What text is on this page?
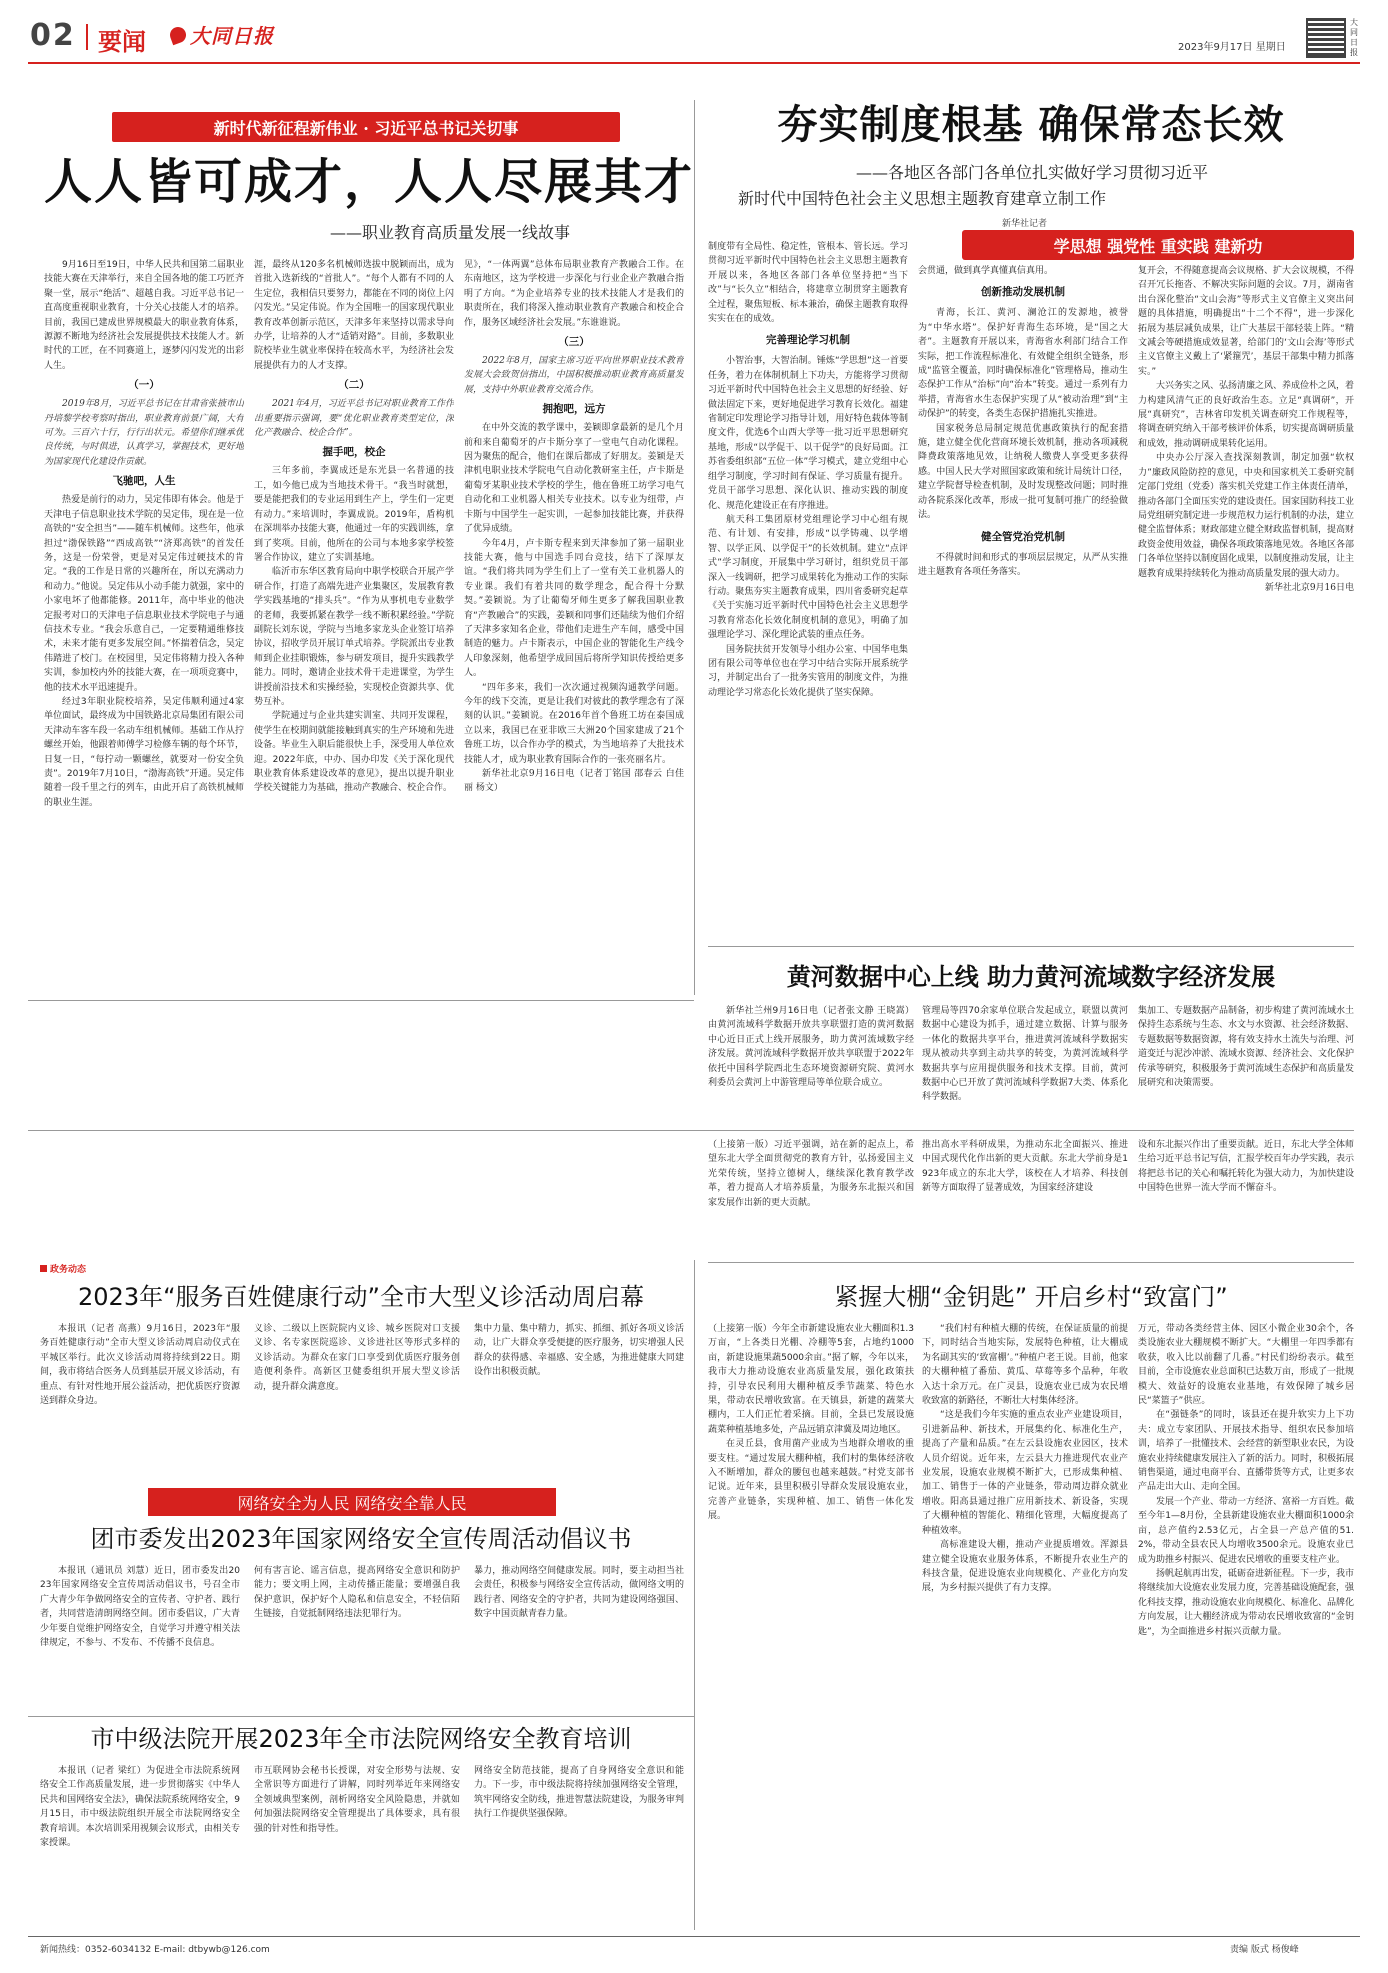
02 要闻 大同日报	2023年9月17日 星期日
大同日报
新时代新征程新伟业 · 习近平总书记关切事
人人皆可成才，人人尽展其才
——职业教育高质量发展一线故事

9月16日至19日，中华人民共和国第二届职业技能大赛在天津举行，来自全国各地的能工巧匠齐聚一堂，展示“绝活”、超越自我。习近平总书记一直高度重视职业教育，十分关心技能人才的培养。目前，我国已建成世界规模最大的职业教育体系，源源不断地为经济社会发展提供技术技能人才。新时代的工匠，在不同赛道上，逐梦闪闪发光的出彩人生。

（一）
2019年8月，习近平总书记在甘肃省张掖市山丹培黎学校考察时指出，职业教育前景广阔，大有可为。三百六十行，行行出状元。希望你们继承优良传统，与时俱进，认真学习，掌握技术，更好地为国家现代化建设作贡献。
飞驰吧，人生

热爱是前行的动力，吴定伟即有体会。他是于天津电子信息职业技术学院的吴定伟，现在是一位高铁的“安全担当”——随车机械师。这些年，他承担过“渤保铁路”“西成高铁”“济郑高铁”的首发任务，这是一份荣誉，更是对吴定伟过硬技术的肯定。“我的工作是日常的兴趣所在，所以充满动力和动力。”他说。吴定伟从小动手能力就强，家中的小家电坏了他都能修。2011年，高中毕业的他决定报考对口的天津电子信息职业技术学院电子与通信技术专业。“我会乐意自己，一定要精通维修技术，未来才能有更多发展空间。”怀揣着信念，吴定伟踏进了校门。在校园里，吴定伟将精力投入各种实训，参加校内外的技能大赛，在一项项竞赛中，他的技术水平迅速提升。

经过3年职业院校培养，吴定伟顺利通过4家单位面试，最终成为中国铁路北京局集团有限公司天津动车客车段一名动车组机械师。基础工作从拧螺丝开始，他跟着师傅学习检修车辆的每个环节，日复一日，“每拧动一颗螺丝，就要对一份安全负责”。2019年7月10日，“渤海高铁”开通。吴定伟随着一段千里之行的列车，由此开启了高铁机械师的职业生涯。

涯，最终从120多名机械师选拔中脱颖而出，成为首批入选新线的“首批人”。“每个人都有不同的人生定位，我相信只要努力，都能在不同的岗位上闪闪发光。”吴定伟说。作为全国唯一的国家现代职业教育改革创新示范区，天津多年来坚持以需求导向办学，让培养的人才“适销对路”。目前，多数职业院校毕业生就业率保持在较高水平，为经济社会发展提供有力的人才支撑。

（二）
2021年4月，习近平总书记对职业教育工作作出重要指示强调，要“优化职业教育类型定位，深化产教融合、校企合作”。
握手吧，校企

三年多前，李翼成还是东光县一名普通的技工，如今他已成为当地技术骨干。“我当时就想，要是能把我们的专业运用到生产上，学生们一定更有动力。”来培训时，李翼成说。2019年，盾构机在深圳举办技能大赛，他通过一年的实践训练，拿到了奖项。目前，他所在的公司与本地多家学校签署合作协议，建立了实训基地。

临沂市东华区教育局向中职学校联合开展产学研合作，打造了高端先进产业集聚区，发展教育教学实践基地的“排头兵”。“作为从事机电专业数学的老师，我要抓紧在教学一线不断积累经验。”学院副院长刘东说，学院与当地多家龙头企业签订培养协议，招收学员开展订单式培养。学院派出专业教师到企业挂职锻炼，参与研发项目，提升实践教学能力。同时，邀请企业技术骨干走进课堂，为学生讲授前沿技术和实操经验，实现校企资源共享、优势互补。

学院通过与企业共建实训室、共同开发课程，使学生在校期间就能接触到真实的生产环境和先进设备。毕业生入职后能很快上手，深受用人单位欢迎。2022年底，中办、国办印发《关于深化现代职业教育体系建设改革的意见》，提出以提升职业学校关键能力为基础，推动产教融合、校企合作。

见》，“一体两翼”总体布局职业教育产教融合工作。在东南地区，这为学校进一步深化与行业企业产教融合指明了方向。“为企业培养专业的技术技能人才是我们的职责所在，我们将深入推动职业教育产教融合和校企合作，服务区域经济社会发展。”东谁谁说。

（三）
2022年8月，国家主席习近平向世界职业技术教育发展大会致贺信指出，中国积极推动职业教育高质量发展，支持中外职业教育交流合作。
拥抱吧，远方

在中外交流的教学课中，姜颖即拿最新的是几个月前和来自葡萄牙的卢卡斯分享了一堂电气自动化课程。因为聚焦的配合，他们在课后都成了好朋友。姜颖是天津机电职业技术学院电气自动化教研室主任，卢卡斯是葡萄牙某职业技术学校的学生，他在鲁班工坊学习电气自动化和工业机器人相关专业技术。以专业为纽带，卢卡斯与中国学生一起实训，一起参加技能比赛，并获得了优异成绩。

今年4月，卢卡斯专程来到天津参加了第一届职业技能大赛，他与中国选手同台竞技，结下了深厚友谊。“我们将共同为学生们上了一堂有关工业机器人的专业课。我们有着共同的数学理念，配合得十分默契。”姜颖说。为了让葡萄牙师生更多了解我国职业教育“产教融合”的实践，姜颖和同事们还陆续为他们介绍了天津多家知名企业，带他们走进生产车间，感受中国制造的魅力。卢卡斯表示，中国企业的智能化生产线令人印象深刻，他希望学成回国后将所学知识传授给更多人。

“四年多来，我们一次次通过视频沟通教学问题。今年的线下交流，更是让我们对彼此的教学理念有了深刻的认识。”姜颖说。在2016年首个鲁班工坊在泰国成立以来，我国已在亚非欧三大洲20个国家建成了21个鲁班工坊，以合作办学的模式，为当地培养了大批技术技能人才，成为职业教育国际合作的一张亮丽名片。

新华社北京9月16日电（记者丁铭国 邵春云 白佳丽 杨文）

夯实制度根基 确保常态长效
——各地区各部门各单位扎实做好学习贯彻习近平
新时代中国特色社会主义思想主题教育建章立制工作
新华社记者
学思想 强党性 重实践 建新功

制度带有全局性、稳定性，管根本、管长远。学习贯彻习近平新时代中国特色社会主义思想主题教育开展以来，各地区各部门各单位坚持把“当下改”与“长久立”相结合，将建章立制贯穿主题教育全过程，聚焦短板、标本兼治，确保主题教育取得实实在在的成效。

完善理论学习机制

小智治事，大智治制。锤炼“学思想”这一首要任务，着力在体制机制上下功夫，方能将学习贯彻习近平新时代中国特色社会主义思想的好经验、好做法固定下来，更好地促进学习教育长效化。福建省制定印发理论学习指导计划，用好特色载体等制度文件，优选6个山西大学等一批习近平思想研究基地，形成“以学促干、以干促学”的良好局面。江苏省委组织部“五位一体”学习模式，建立党组中心组学习制度，学习时间有保证、学习质量有提升。党员干部学习思想、深化认识、推动实践的制度化、规范化建设正在有序推进。

航天科工集团原材党组理论学习中心组有规范、有计划、有安排，形成“以学铸魂、以学增智、以学正风、以学促干”的长效机制。建立“点评式”学习制度，开展集中学习研讨，组织党员干部深入一线调研，把学习成果转化为推动工作的实际行动。聚焦夯实主题教育成果，四川省委研究起草《关于实施习近平新时代中国特色社会主义思想学习教育常态化长效化制度机制的意见》，明确了加强理论学习、深化理论武装的重点任务。

国务院扶贫开发领导小组办公室、中国华电集团有限公司等单位也在学习中结合实际开展系统学习，并制定出台了一批务实管用的制度文件，为推动理论学习常态化长效化提供了坚实保障。

会贯通，做到真学真懂真信真用。

创新推动发展机制

青海，长江、黄河、澜沧江的发源地，被誉为“中华水塔”。保护好青海生态环境，是“国之大者”。主题教育开展以来，青海省水利部门结合工作实际，把工作流程标准化、有效健全组织全链条，形成“监管全覆盖，同时确保标准化”管理格局，推动生态保护工作从“治标”向“治本”转变。通过一系列有力举措，青海省水生态保护实现了从“被动治理”到“主动保护”的转变，各类生态保护措施扎实推进。

国家税务总局制定规范优惠政策执行的配套措施，建立健全优化营商环境长效机制，推动各项减税降费政策落地见效，让纳税人缴费人享受更多获得感。中国人民大学对照国家政策和统计局统计口径，建立学院督导检查机制，及时发现整改问题；同时推动各院系深化改革，形成一批可复制可推广的经验做法。

健全管党治党机制

不得就时间和形式的事项层层规定，从严从实推进主题教育各项任务落实。

复开会，不得随意提高会议规格、扩大会议规模，不得召开冗长拖沓、不解决实际问题的会议。7月，湖南省出台深化整治“文山会海”等形式主义官僚主义突出问题的具体措施，明确提出“十二个不得”，进一步深化拓展为基层减负成果，让广大基层干部轻装上阵。“精文减会等硬措施成效显著，给部门的‘文山会海’等形式主义官僚主义戴上了‘紧箍咒’，基层干部集中精力抓落实。”

大兴务实之风、弘扬清廉之风、养成俭朴之风，着力构建风清气正的良好政治生态。立足“真调研”，开展“真研究”，吉林省印发机关调查研究工作规程等，将调查研究纳入干部考核评价体系，切实提高调研质量和成效，推动调研成果转化运用。

中央办公厅深入查找深刻教训，制定加强“软权力”廉政风险防控的意见，中央和国家机关工委研究制定部门党组（党委）落实机关党建工作主体责任清单，推动各部门全面压实党的建设责任。国家国防科技工业局党组研究制定进一步规范权力运行机制的办法，建立健全监督体系；财政部建立健全财政监督机制，提高财政资金使用效益，确保各项政策落地见效。各地区各部门各单位坚持以制度固化成果，以制度推动发展，让主题教育成果持续转化为推动高质量发展的强大动力。

新华社北京9月16日电

黄河数据中心上线 助力黄河流域数字经济发展

新华社兰州9月16日电（记者张文静 王晓嵩）由黄河流域科学数据开放共享联盟打造的黄河数据中心近日正式上线开展服务，助力黄河流域数字经济发展。黄河流域科学数据开放共享联盟于2022年依托中国科学院西北生态环境资源研究院、黄河水利委员会黄河上中游管理局等单位联合成立。

管理局等四70余家单位联合发起成立，联盟以黄河数据中心建设为抓手，通过建立数据、计算与服务一体化的数据共享平台，推进黄河流域科学数据实现从被动共享到主动共享的转变，为黄河流域科学数据共享与应用提供服务和技术支撑。目前，黄河数据中心已开放了黄河流域科学数据7大类、体系化科学数据。

集加工、专题数据产品制备，初步构建了黄河流域水土保持生态系统与生态、水文与水资源、社会经济数据、专题数据等数据资源，将有效支持水土流失与治理、河道变迁与泥沙冲淤、流域水资源、经济社会、文化保护传承等研究，积极服务于黄河流域生态保护和高质量发展研究和决策需要。

（上接第一版）习近平强调，站在新的起点上，希望东北大学全面贯彻党的教育方针，弘扬爱国主义光荣传统，坚持立德树人，继续深化教育教学改革，着力提高人才培养质量，为服务东北振兴和国家发展作出新的更大贡献。

推出高水平科研成果，为推动东北全面振兴、推进中国式现代化作出新的更大贡献。东北大学前身是1923年成立的东北大学，该校在人才培养、科技创新等方面取得了显著成效，为国家经济建设

设和东北振兴作出了重要贡献。近日，东北大学全体师生给习近平总书记写信，汇报学校百年办学实践，表示将把总书记的关心和嘱托转化为强大动力，为加快建设中国特色世界一流大学而不懈奋斗。

政务动态
2023年“服务百姓健康行动”全市大型义诊活动周启幕

本报讯（记者 高燕）9月16日，2023年“服务百姓健康行动”全市大型义诊活动周启动仪式在平城区举行。此次义诊活动周将持续到22日。期间，我市将结合医务人员到基层开展义诊活动，有重点、有针对性地开展公益活动，把优质医疗资源送到群众身边。

义诊、二级以上医院院内义诊、城乡医院对口支援义诊、名专家医院巡诊、义诊进社区等形式多样的义诊活动。为群众在家门口享受到优质医疗服务创造便利条件。高新区卫健委组织开展大型义诊活动，提升群众满意度。

集中力量、集中精力，抓实、抓细、抓好各项义诊活动，让广大群众享受便捷的医疗服务，切实增强人民群众的获得感、幸福感、安全感，为推进健康大同建设作出积极贡献。

网络安全为人民 网络安全靠人民
团市委发出2023年国家网络安全宣传周活动倡议书

本报讯（通讯员 刘慧）近日，团市委发出2023年国家网络安全宣传周活动倡议书，号召全市广大青少年争做网络安全的宣传者、守护者、践行者，共同营造清朗网络空间。团市委倡议，广大青少年要自觉维护网络安全，自觉学习并遵守相关法律规定，不参与、不发布、不传播不良信息。

何有害言论、谣言信息，提高网络安全意识和防护能力；要文明上网，主动传播正能量；要增强自我保护意识，保护好个人隐私和信息安全，不轻信陌生链接，自觉抵制网络违法犯罪行为。

暴力，推动网络空间健康发展。同时，要主动担当社会责任，积极参与网络安全宣传活动，做网络文明的践行者、网络安全的守护者，共同为建设网络强国、数字中国贡献青春力量。

市中级法院开展2023年全市法院网络安全教育培训

本报讯（记者 梁红）为促进全市法院系统网络安全工作高质量发展，进一步贯彻落实《中华人民共和国网络安全法》，确保法院系统网络安全，9月15日，市中级法院组织开展全市法院网络安全教育培训。本次培训采用视频会议形式，由相关专家授课。

市互联网协会秘书长授课，对安全形势与法规、安全常识等方面进行了讲解，同时列举近年来网络安全领域典型案例，剖析网络安全风险隐患，并就如何加强法院网络安全管理提出了具体要求，具有很强的针对性和指导性。

网络安全防范技能，提高了自身网络安全意识和能力。下一步，市中级法院将持续加强网络安全管理，筑牢网络安全防线，推进智慧法院建设，为服务审判执行工作提供坚强保障。

紧握大棚“金钥匙” 开启乡村“致富门”

（上接第一版）今年全市新建设施农业大棚面积1.3万亩，“上各类日光棚、冷棚等5套，占地约1000亩，新建设施果蔬5000余亩。”据了解，今年以来，我市大力推动设施农业高质量发展，强化政策扶持，引导农民利用大棚种植反季节蔬菜、特色水果，带动农民增收致富。在天镇县，新建的蔬菜大棚内，工人们正忙着采摘。目前，全县已发展设施蔬菜种植基地多处，产品远销京津冀及周边地区。

在灵丘县，食用菌产业成为当地群众增收的重要支柱。“通过发展大棚种植，我们村的集体经济收入不断增加，群众的腰包也越来越鼓。”村党支部书记说。近年来，县里积极引导群众发展设施农业，完善产业链条，实现种植、加工、销售一体化发展。

“我们村有种植大棚的传统，在保证质量的前提下，同时结合当地实际，发展特色种植，让大棚成为名副其实的‘致富棚’。”种植户老王说。目前，他家的大棚种植了番茄、黄瓜、草莓等多个品种，年收入达十余万元。在广灵县，设施农业已成为农民增收致富的新路径，不断壮大村集体经济。

“这是我们今年实施的重点农业产业建设项目，引进新品种、新技术，开展集约化、标准化生产，提高了产量和品质。”在左云县设施农业园区，技术人员介绍说。近年来，左云县大力推进现代农业产业发展，设施农业规模不断扩大，已形成集种植、加工、销售于一体的产业链条，带动周边群众就业增收。阳高县通过推广应用新技术、新设备，实现了大棚种植的智能化、精细化管理，大幅度提高了种植效率。

高标准建设大棚，推动产业提质增效。浑源县建立健全设施农业服务体系，不断提升农业生产的科技含量，促进设施农业向规模化、产业化方向发展，为乡村振兴提供了有力支撑。

万元，带动各类经营主体、园区小微企业30余个，各类设施农业大棚规模不断扩大。“大棚里一年四季都有收获，收入比以前翻了几番。”村民们纷纷表示。截至目前，全市设施农业总面积已达数万亩，形成了一批规模大、效益好的设施农业基地，有效保障了城乡居民“菜篮子”供应。

在“强链条”的同时，该县还在提升软实力上下功夫：成立专家团队、开展技术指导、组织农民参加培训，培养了一批懂技术、会经营的新型职业农民，为设施农业持续健康发展注入了新的活力。同时，积极拓展销售渠道，通过电商平台、直播带货等方式，让更多农产品走出大山、走向全国。

发展一个产业、带动一方经济、富裕一方百姓。截至今年1—8月份，全县新建设施农业大棚面积1000余亩，总产值约2.53亿元，占全县一产总产值的51.2%，带动全县农民人均增收3500余元。设施农业已成为助推乡村振兴、促进农民增收的重要支柱产业。

扬帆起航再出发，砥砺奋进新征程。下一步，我市将继续加大设施农业发展力度，完善基础设施配套，强化科技支撑，推动设施农业向规模化、标准化、品牌化方向发展，让大棚经济成为带动农民增收致富的“金钥匙”，为全面推进乡村振兴贡献力量。

新闻热线：0352-6034132 E-mail: dtbywb@126.com	责编 版式 杨俊峰
